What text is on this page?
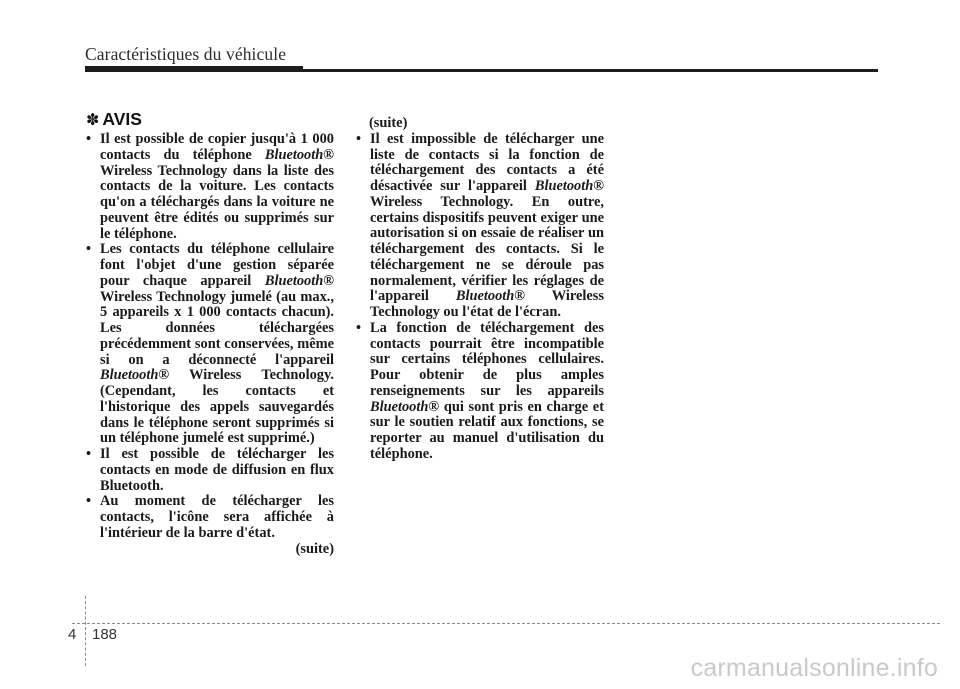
Caractéristiques du véhicule
✽ AVIS
• Il est possible de copier jusqu'à 1 000 contacts du téléphone Bluetooth® Wireless Technology dans la liste des contacts de la voiture. Les contacts qu'on a téléchargés dans la voiture ne peuvent être édités ou supprimés sur le téléphone.
• Les contacts du téléphone cellulaire font l'objet d'une gestion séparée pour chaque appareil Bluetooth® Wireless Technology jumelé (au max., 5 appareils x 1 000 contacts chacun). Les données téléchargées précédemment sont conservées, même si on a déconnecté l'appareil Bluetooth® Wireless Technology. (Cependant, les contacts et l'historique des appels sauvegardés dans le téléphone seront supprimés si un téléphone jumelé est supprimé.)
• Il est possible de télécharger les contacts en mode de diffusion en flux Bluetooth.
• Au moment de télécharger les contacts, l'icône sera affichée à l'intérieur de la barre d'état.
(suite)
(suite)
• Il est impossible de télécharger une liste de contacts si la fonction de téléchargement des contacts a été désactivée sur l'appareil Bluetooth® Wireless Technology. En outre, certains dispositifs peuvent exiger une autorisation si on essaie de réaliser un téléchargement des contacts. Si le téléchargement ne se déroule pas normalement, vérifier les réglages de l'appareil Bluetooth® Wireless Technology ou l'état de l'écran.
• La fonction de téléchargement des contacts pourrait être incompatible sur certains téléphones cellulaires. Pour obtenir de plus amples renseignements sur les appareils Bluetooth® qui sont pris en charge et sur le soutien relatif aux fonctions, se reporter au manuel d'utilisation du téléphone.
4 188
carmanualsonline.info
